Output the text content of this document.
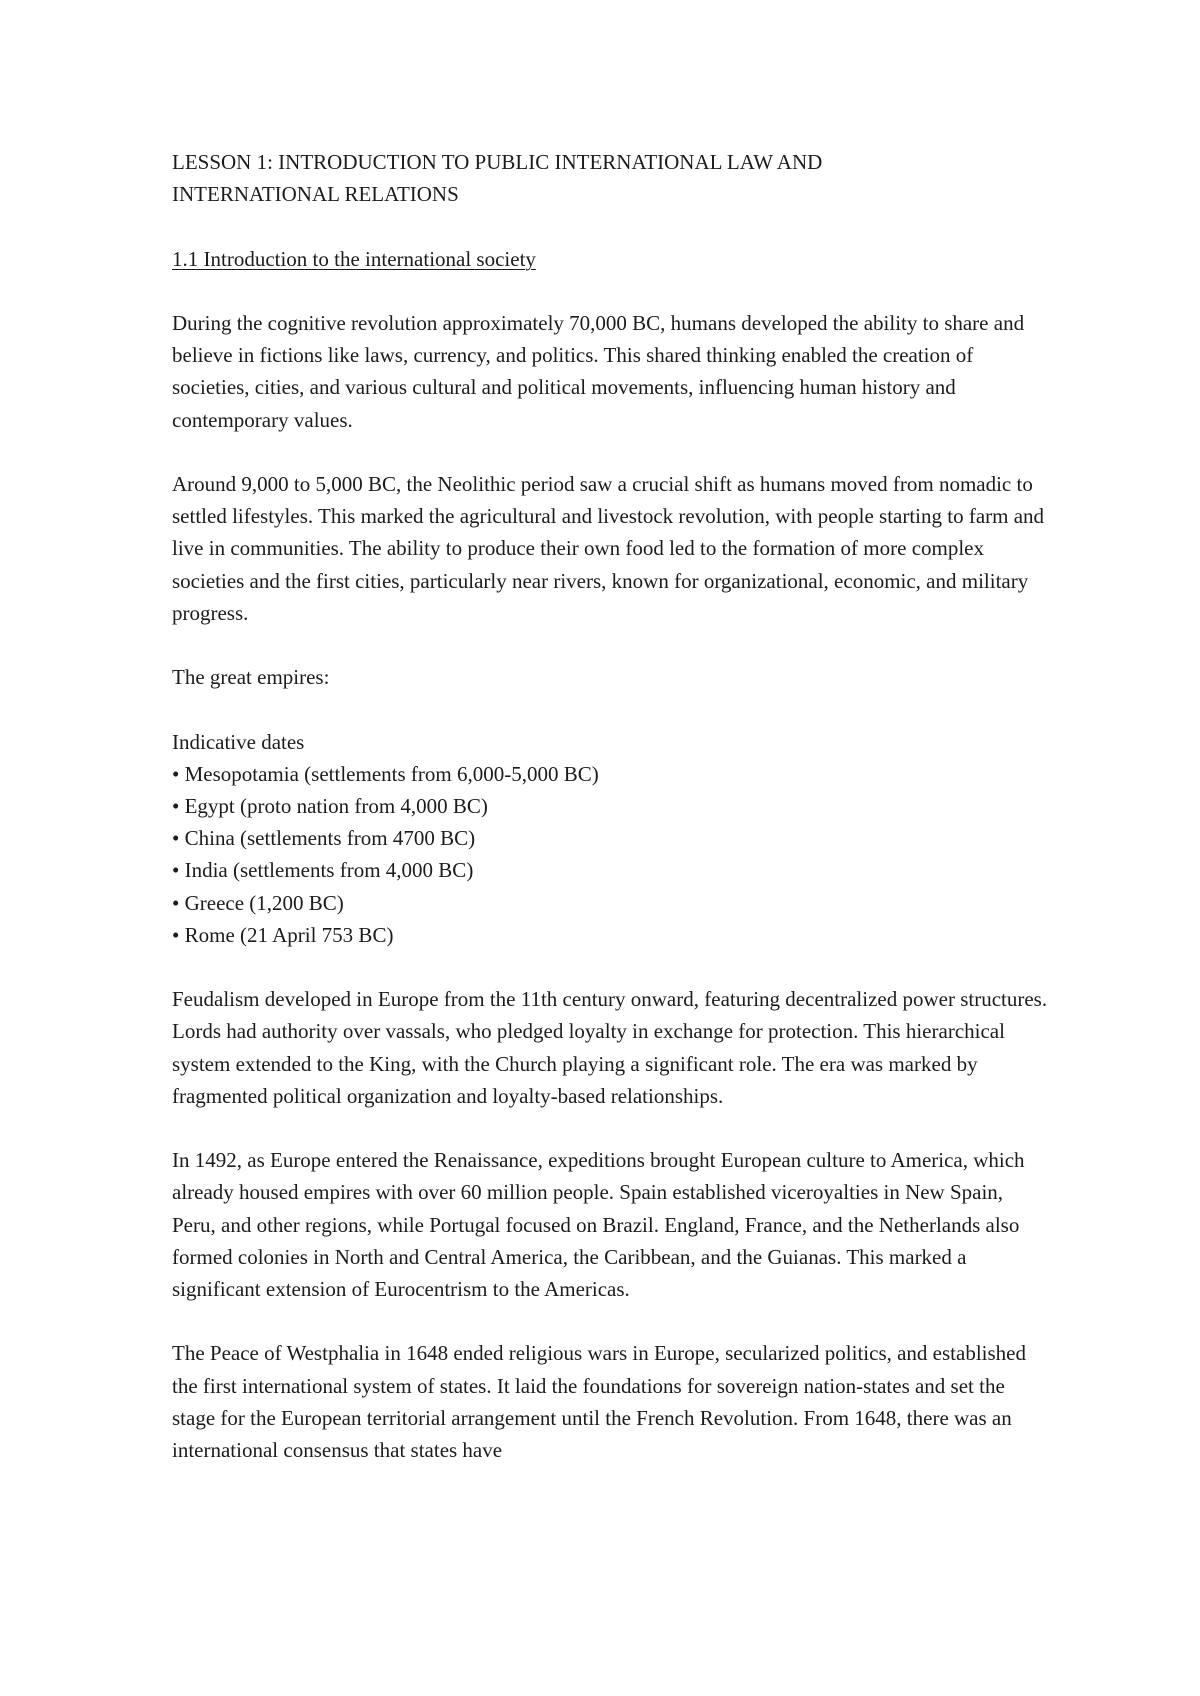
LESSON 1: INTRODUCTION TO PUBLIC INTERNATIONAL LAW AND
INTERNATIONAL RELATIONS

1.1 Introduction to the international society

During the cognitive revolution approximately 70,000 BC, humans developed the ability to share and believe in fictions like laws, currency, and politics. This shared thinking enabled the creation of societies, cities, and various cultural and political movements, influencing human history and contemporary values.

Around 9,000 to 5,000 BC, the Neolithic period saw a crucial shift as humans moved from nomadic to settled lifestyles. This marked the agricultural and livestock revolution, with people starting to farm and live in communities. The ability to produce their own food led to the formation of more complex societies and the first cities, particularly near rivers, known for organizational, economic, and military progress.

The great empires:

Indicative dates
• Mesopotamia (settlements from 6,000-5,000 BC)
• Egypt (proto nation from 4,000 BC)
• China (settlements from 4700 BC)
• India (settlements from 4,000 BC)
• Greece (1,200 BC)
• Rome (21 April 753 BC)

Feudalism developed in Europe from the 11th century onward, featuring decentralized power structures. Lords had authority over vassals, who pledged loyalty in exchange for protection. This hierarchical system extended to the King, with the Church playing a significant role. The era was marked by fragmented political organization and loyalty-based relationships.

In 1492, as Europe entered the Renaissance, expeditions brought European culture to America, which already housed empires with over 60 million people. Spain established viceroyalties in New Spain, Peru, and other regions, while Portugal focused on Brazil. England, France, and the Netherlands also formed colonies in North and Central America, the Caribbean, and the Guianas. This marked a significant extension of Eurocentrism to the Americas.

The Peace of Westphalia in 1648 ended religious wars in Europe, secularized politics, and established the first international system of states. It laid the foundations for sovereign nation-states and set the stage for the European territorial arrangement until the French Revolution. From 1648, there was an international consensus that states have
